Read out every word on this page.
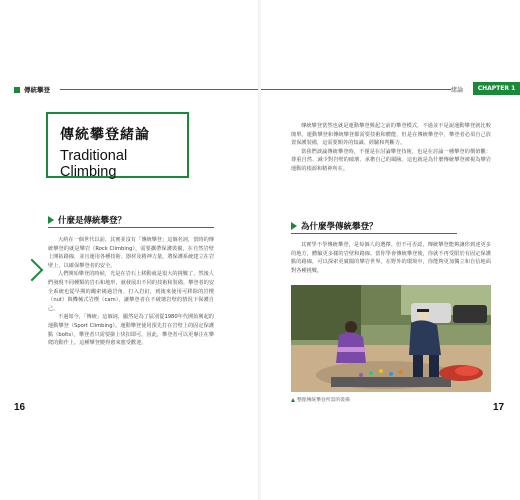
傳統攀登
傳統攀登緒論
Traditional Climbing
什麼是傳統攀登？

大約在一個世代以前，其實並沒有「傳統攀登」這個名詞，當時的傳統攀登的就是攀岩（Rock Climbing），需要攜帶保護裝備，在自然岩壁上開拓路線，並且運用各種技術、器材及精神力量，將保護系統建立在岩壁上，以確保攀登者的安全。

人們開始攀登的時候，光是在岩石上移動就是很大的挑戰了，然後人們發現不同種類的岩石和地形，就發展出不同的技術和裝備。攀登者的安全系統也從早期的繩索繞過岩角、打入岩釘，到後來使用可移除的岩楔（nut）與機械式岩楔（cam），讓攀登者在不破壞岩壁的情況下保護自己。

不過如今，「傳統」這個詞，顯然是為了區別從1980年代開始興起的運動攀登（Sport Climbing）。運動攀登使用預先打在岩壁上的固定保護點（bolts），攀登者只需要掛上快扣即可。因此，攀登者可以更專注在攀爬的動作上。這種攀登變得愈來愈受歡迎。

16
緒論	CHAPTER 1

傳統攀登當然也就是運動攀登興起之前的攀登模式，不過並不是說運動攀登就比較簡單。運動攀登和傳統攀登都需要技術和體能，但是在傳統攀登中，攀登者必須自己放置保護裝備，這需要額外的知識、經驗和判斷力。

當我們談論傳統攀登時，不僅是在討論攀登技術，也是在討論一種攀登的價值觀：尊重自然、減少對岩壁的破壞、承擔自己的風險。這也就是為什麼傳統攀登被視為攀岩運動的根源和精神所在。

為什麼學傳統攀登？

其實學不學傳統攀登，是每個人的選擇。但不可否認，傳統攀登能夠讓你到達更多的地方，體驗更多樣的岩壁和路線。當你學會傳統攀登後，你就不再受限於有固定保護點的路線，可以探索更廣闊的攀岩世界。在野外的環境中，你能夠更加獨立和自信地面對各種挑戰。

整理傳統攀登所需的裝備
17
